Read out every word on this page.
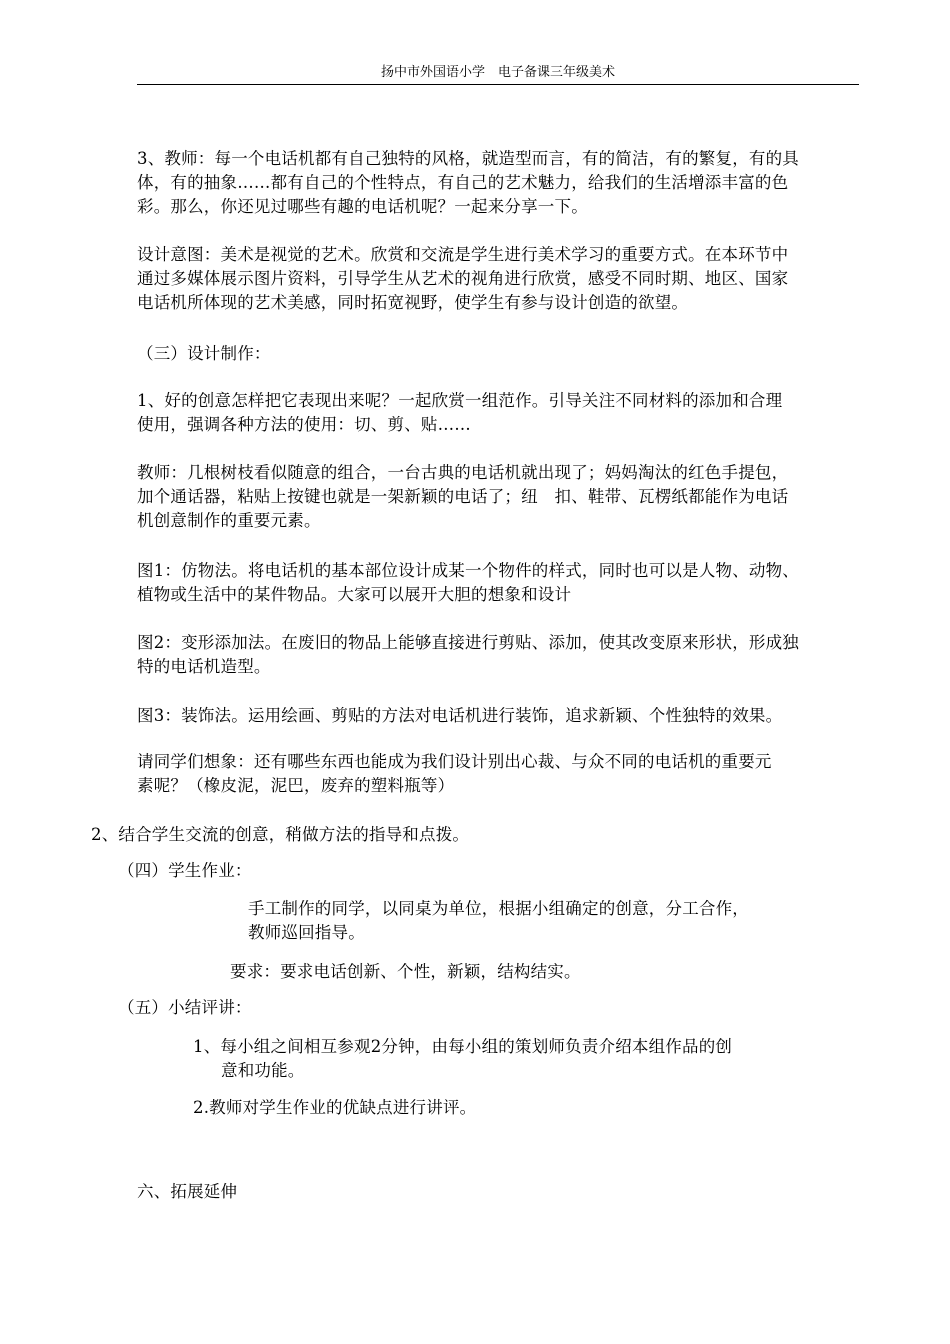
扬中市外国语小学　电子备课三年级美术
3、教师：每一个电话机都有自己独特的风格，就造型而言，有的简洁，有的繁复，有的具
体，有的抽象……都有自己的个性特点，有自己的艺术魅力，给我们的生活增添丰富的色
彩。那么，你还见过哪些有趣的电话机呢？一起来分享一下。
设计意图：美术是视觉的艺术。欣赏和交流是学生进行美术学习的重要方式。在本环节中
通过多媒体展示图片资料，引导学生从艺术的视角进行欣赏，感受不同时期、地区、国家
电话机所体现的艺术美感，同时拓宽视野，使学生有参与设计创造的欲望。
（三）设计制作：
1、好的创意怎样把它表现出来呢？一起欣赏一组范作。引导关注不同材料的添加和合理
使用，强调各种方法的使用：切、剪、贴……
教师：几根树枝看似随意的组合，一台古典的电话机就出现了；妈妈淘汰的红色手提包，
加个通话器，粘贴上按键也就是一架新颖的电话了；纽　扣、鞋带、瓦楞纸都能作为电话
机创意制作的重要元素。
图1：仿物法。将电话机的基本部位设计成某一个物件的样式，同时也可以是人物、动物、
植物或生活中的某件物品。大家可以展开大胆的想象和设计
图2：变形添加法。在废旧的物品上能够直接进行剪贴、添加，使其改变原来形状，形成独
特的电话机造型。
图3：装饰法。运用绘画、剪贴的方法对电话机进行装饰，追求新颖、个性独特的效果。
请同学们想象：还有哪些东西也能成为我们设计别出心裁、与众不同的电话机的重要元
素呢？（橡皮泥，泥巴，废弃的塑料瓶等）
2、结合学生交流的创意，稍做方法的指导和点拨。
（四）学生作业：
手工制作的同学，以同桌为单位，根据小组确定的创意，分工合作，
教师巡回指导。
要求：要求电话创新、个性，新颖，结构结实。
（五）小结评讲：
1、每小组之间相互参观2分钟，由每小组的策划师负责介绍本组作品的创
意和功能。
2.教师对学生作业的优缺点进行讲评。
六、拓展延伸
